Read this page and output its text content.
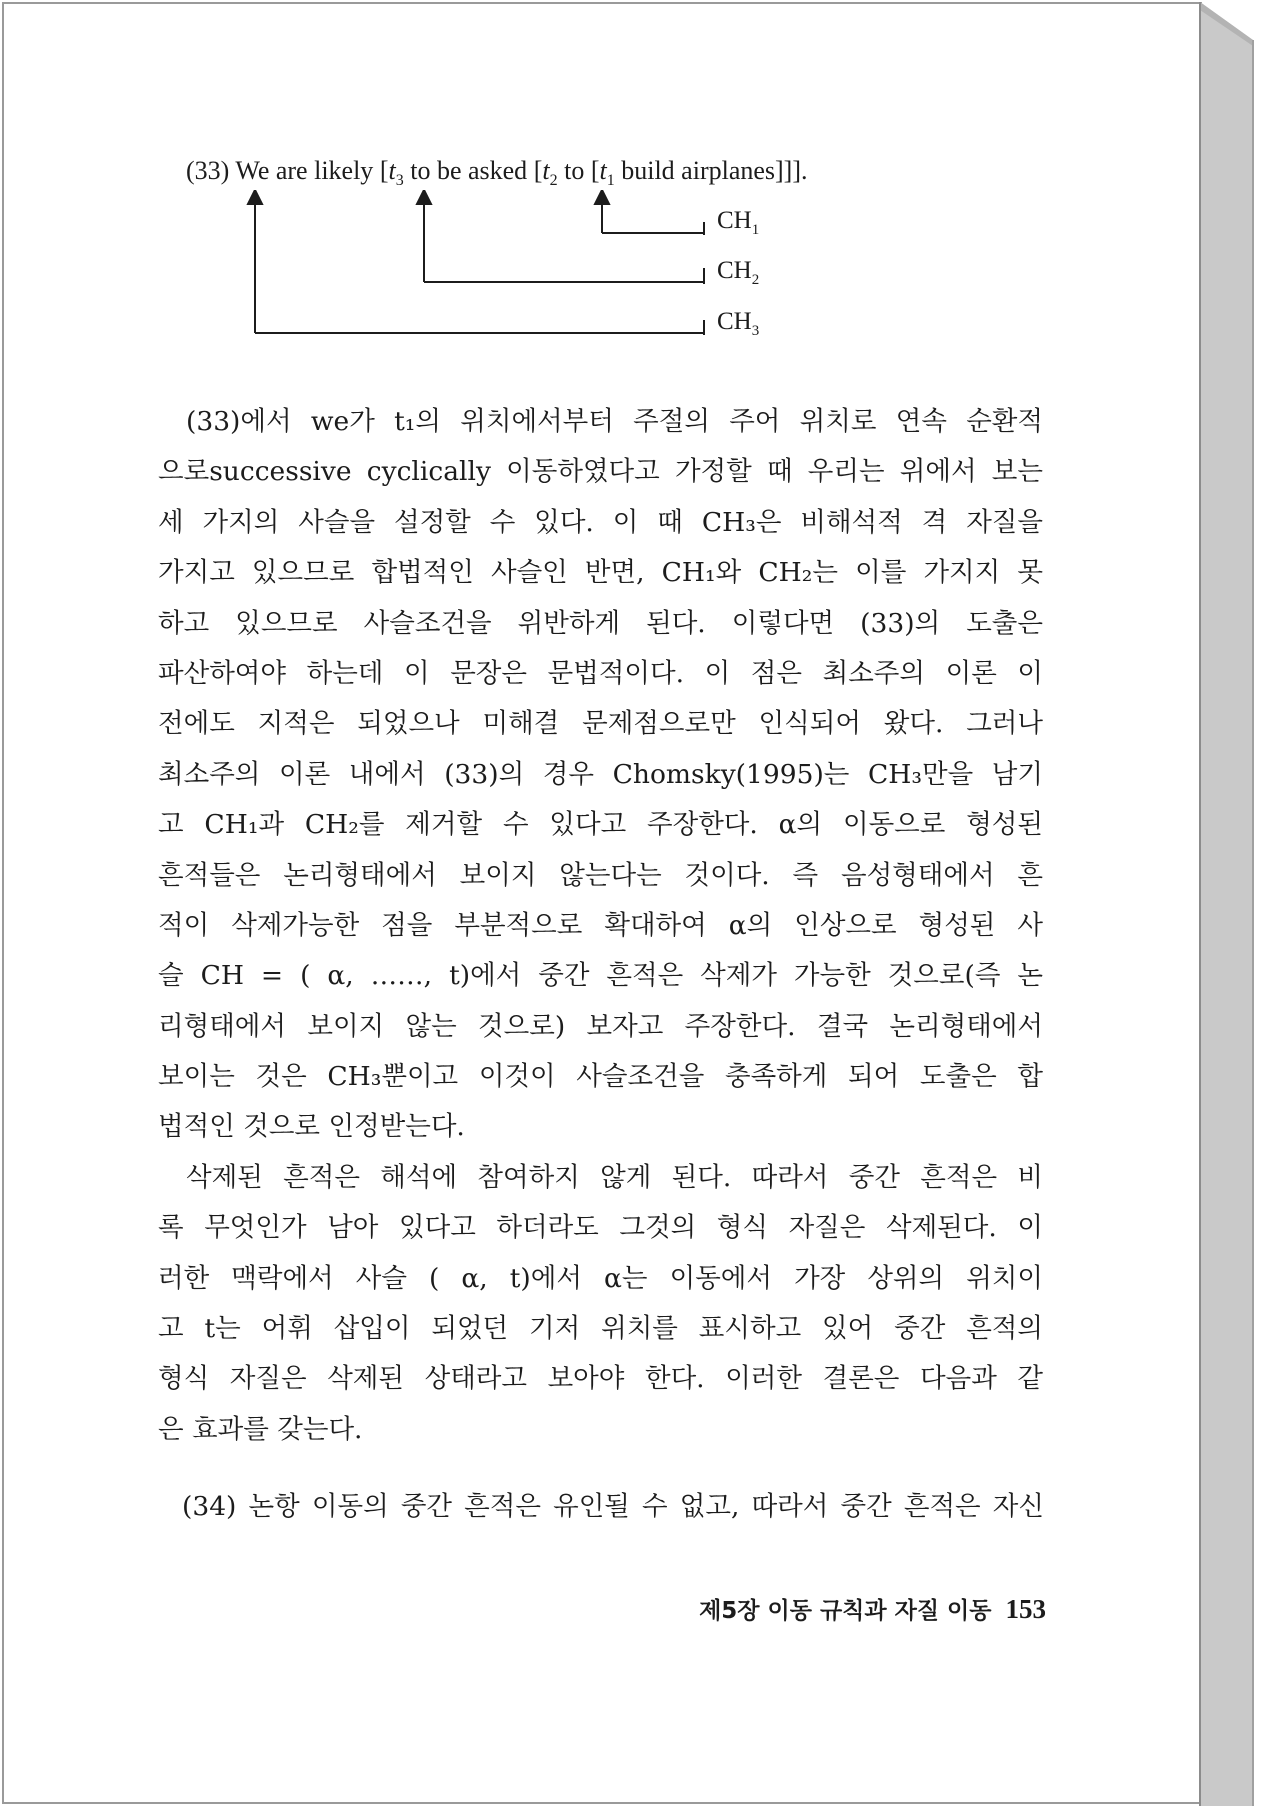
(33) We are likely [$t_3$ to be asked [$t_2$ to [$t_1$ build airplanes]]].
$CH_1$
$CH_2$
$CH_3$
(33)에서 we가 t₁의 위치에서부터 주절의 주어 위치로 연속 순환적
으로successive cyclically 이동하였다고 가정할 때 우리는 위에서 보는
세 가지의 사슬을 설정할 수 있다. 이 때 CH₃은 비해석적 격 자질을
가지고 있으므로 합법적인 사슬인 반면, CH₁와 CH₂는 이를 가지지 못
하고 있으므로 사슬조건을 위반하게 된다. 이렇다면 (33)의 도출은
파산하여야 하는데 이 문장은 문법적이다. 이 점은 최소주의 이론 이
전에도 지적은 되었으나 미해결 문제점으로만 인식되어 왔다. 그러나
최소주의 이론 내에서 (33)의 경우 Chomsky(1995)는 CH₃만을 남기
고 CH₁과 CH₂를 제거할 수 있다고 주장한다. α의 이동으로 형성된
흔적들은 논리형태에서 보이지 않는다는 것이다. 즉 음성형태에서 흔
적이 삭제가능한 점을 부분적으로 확대하여 α의 인상으로 형성된 사
슬 CH = ( α, ……, t)에서 중간 흔적은 삭제가 가능한 것으로(즉 논
리형태에서 보이지 않는 것으로) 보자고 주장한다. 결국 논리형태에서
보이는 것은 CH₃뿐이고 이것이 사슬조건을 충족하게 되어 도출은 합
법적인 것으로 인정받는다.
삭제된 흔적은 해석에 참여하지 않게 된다. 따라서 중간 흔적은 비
록 무엇인가 남아 있다고 하더라도 그것의 형식 자질은 삭제된다. 이
러한 맥락에서 사슬 ( α, t)에서 α는 이동에서 가장 상위의 위치이
고 t는 어휘 삽입이 되었던 기저 위치를 표시하고 있어 중간 흔적의
형식 자질은 삭제된 상태라고 보아야 한다. 이러한 결론은 다음과 같
은 효과를 갖는다.
(34) 논항 이동의 중간 흔적은 유인될 수 없고, 따라서 중간 흔적은 자신
제5장 이동 규칙과 자질 이동 153
